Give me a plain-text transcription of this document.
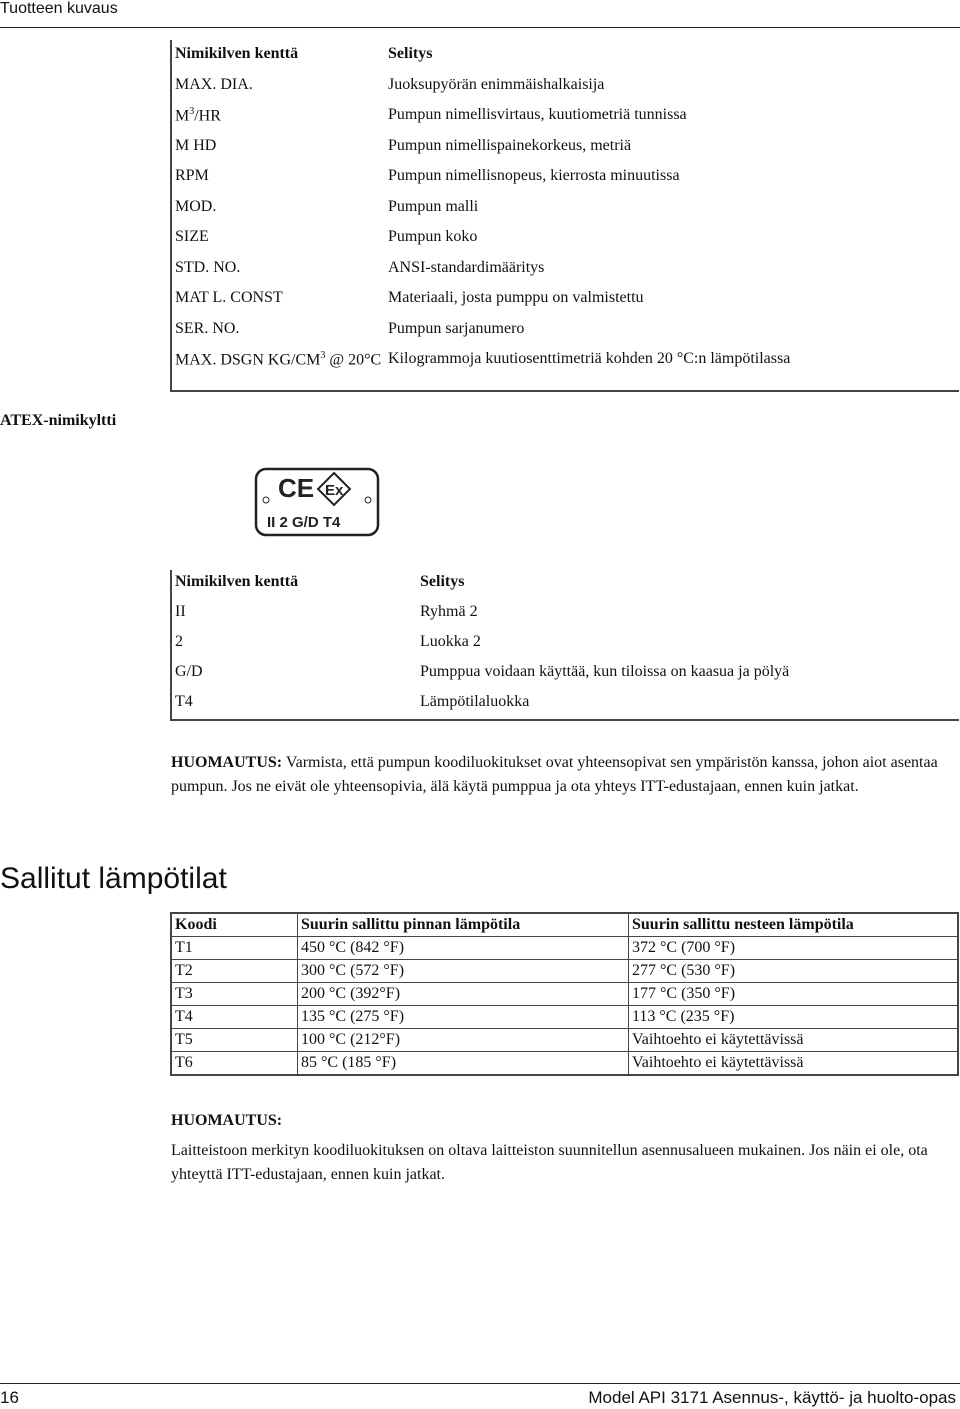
Tuotteen kuvaus
Nimikilven kenttä	Selitys
MAX. DIA.	Juoksupyörän enimmäishalkaisija
$M^3/HR$	Pumpun nimellisvirtaus, kuutiometriä tunnissa
M HD	Pumpun nimellispainekorkeus, metriä
RPM	Pumpun nimellisnopeus, kierrosta minuutissa
MOD.	Pumpun malli
SIZE	Pumpun koko
STD. NO.	ANSI-standardimääritys
MAT L. CONST	Materiaali, josta pumppu on valmistettu
SER. NO.	Pumpun sarjanumero
MAX. DSGN $KG/CM^3$ @ 20°C	Kilogrammoja kuutiosenttimetriä kohden 20 °C:n lämpötilassa
ATEX-nimikyltti
CE Ex
II 2 G/D T4
Nimikilven kenttä	Selitys
II	Ryhmä 2
2	Luokka 2
G/D	Pumppua voidaan käyttää, kun tiloissa on kaasua ja pölyä
T4	Lämpötilaluokka
HUOMAUTUS: Varmista, että pumpun koodiluokitukset ovat yhteensopivat sen ympäristön kanssa, johon aiot asentaa pumpun. Jos ne eivät ole yhteensopivia, älä käytä pumppua ja ota yhteys ITT-edustajaan, ennen kuin jatkat.
Sallitut lämpötilat
Koodi	Suurin sallittu pinnan lämpötila	Suurin sallittu nesteen lämpötila
T1	450 °C (842 °F)	372 °C (700 °F)
T2	300 °C (572 °F)	277 °C (530 °F)
T3	200 °C (392°F)	177 °C (350 °F)
T4	135 °C (275 °F)	113 °C (235 °F)
T5	100 °C (212°F)	Vaihtoehto ei käytettävissä
T6	85 °C (185 °F)	Vaihtoehto ei käytettävissä
HUOMAUTUS:
Laitteistoon merkityn koodiluokituksen on oltava laitteiston suunnitellun asennusalueen mukainen. Jos näin ei ole, ota yhteyttä ITT-edustajaan, ennen kuin jatkat.
16	Model API 3171 Asennus-, käyttö- ja huolto-opas
